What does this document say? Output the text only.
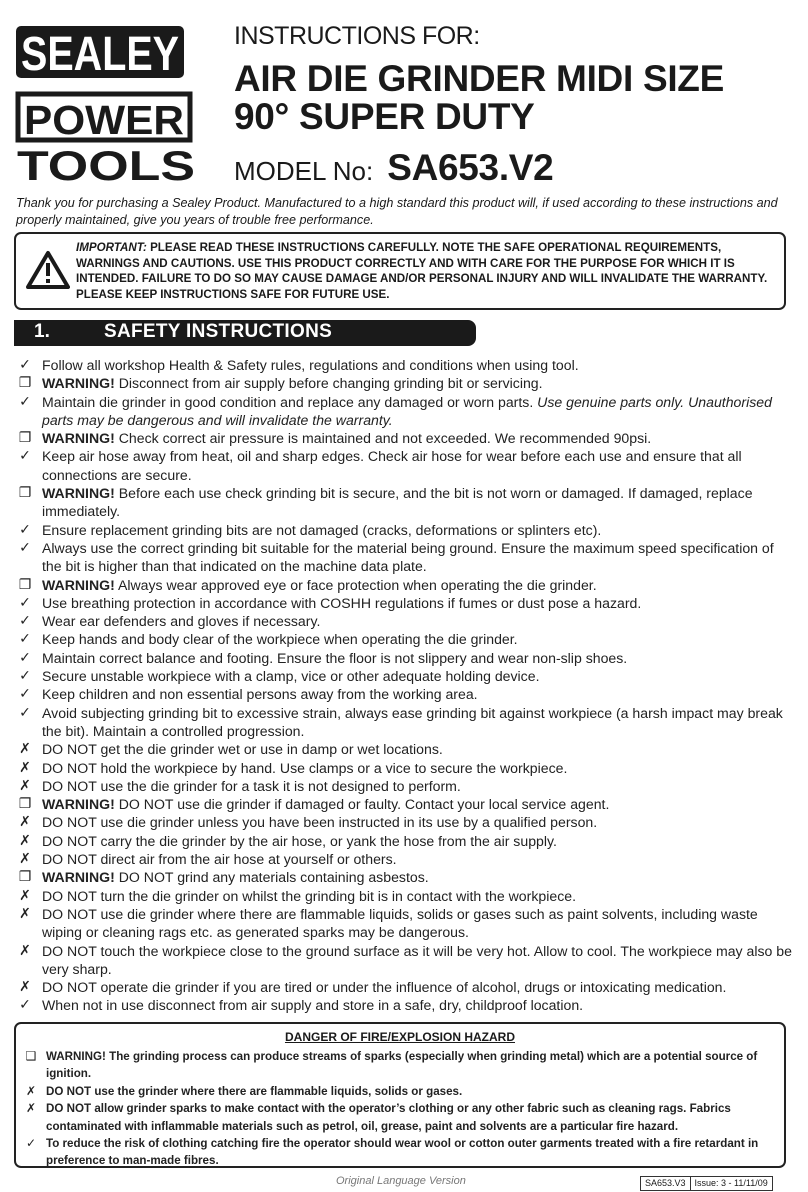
SEALEY
POWER
TOOLS
INSTRUCTIONS FOR:
AIR DIE GRINDER MIDI SIZE
90° SUPER DUTY
MODEL No: SA653.V2
Thank you for purchasing a Sealey Product. Manufactured to a high standard this product will, if used according to these instructions and properly maintained, give you years of trouble free performance.
IMPORTANT: PLEASE READ THESE INSTRUCTIONS CAREFULLY. NOTE THE SAFE OPERATIONAL REQUIREMENTS, WARNINGS AND CAUTIONS. USE THIS PRODUCT CORRECTLY AND WITH CARE FOR THE PURPOSE FOR WHICH IT IS INTENDED. FAILURE TO DO SO MAY CAUSE DAMAGE AND/OR PERSONAL INJURY AND WILL INVALIDATE THE WARRANTY. PLEASE KEEP INSTRUCTIONS SAFE FOR FUTURE USE.
1.	SAFETY INSTRUCTIONS
✓ Follow all workshop Health & Safety rules, regulations and conditions when using tool.
❐ WARNING! Disconnect from air supply before changing grinding bit or servicing.
✓ Maintain die grinder in good condition and replace any damaged or worn parts. Use genuine parts only. Unauthorised parts may be dangerous and will invalidate the warranty.
❐ WARNING! Check correct air pressure is maintained and not exceeded. We recommended 90psi.
✓ Keep air hose away from heat, oil and sharp edges. Check air hose for wear before each use and ensure that all connections are secure.
❐ WARNING! Before each use check grinding bit is secure, and the bit is not worn or damaged. If damaged, replace immediately.
✓ Ensure replacement grinding bits are not damaged (cracks, deformations or splinters etc).
✓ Always use the correct grinding bit suitable for the material being ground. Ensure the maximum speed specification of the bit is higher than that indicated on the machine data plate.
❐ WARNING! Always wear approved eye or face protection when operating the die grinder.
✓ Use breathing protection in accordance with COSHH regulations if fumes or dust pose a hazard.
✓ Wear ear defenders and gloves if necessary.
✓ Keep hands and body clear of the workpiece when operating the die grinder.
✓ Maintain correct balance and footing. Ensure the floor is not slippery and wear non-slip shoes.
✓ Secure unstable workpiece with a clamp, vice or other adequate holding device.
✓ Keep children and non essential persons away from the working area.
✓ Avoid subjecting grinding bit to excessive strain, always ease grinding bit against workpiece (a harsh impact may break the bit). Maintain a controlled progression.
✗ DO NOT get the die grinder wet or use in damp or wet locations.
✗ DO NOT hold the workpiece by hand. Use clamps or a vice to secure the workpiece.
✗ DO NOT use the die grinder for a task it is not designed to perform.
❐ WARNING! DO NOT use die grinder if damaged or faulty. Contact your local service agent.
✗ DO NOT use die grinder unless you have been instructed in its use by a qualified person.
✗ DO NOT carry the die grinder by the air hose, or yank the hose from the air supply.
✗ DO NOT direct air from the air hose at yourself or others.
❐ WARNING! DO NOT grind any materials containing asbestos.
✗ DO NOT turn the die grinder on whilst the grinding bit is in contact with the workpiece.
✗ DO NOT use die grinder where there are flammable liquids, solids or gases such as paint solvents, including waste wiping or cleaning rags etc. as generated sparks may be dangerous.
✗ DO NOT touch the workpiece close to the ground surface as it will be very hot. Allow to cool. The workpiece may also be very sharp.
✗ DO NOT operate die grinder if you are tired or under the influence of alcohol, drugs or intoxicating medication.
✓ When not in use disconnect from air supply and store in a safe, dry, childproof location.
DANGER OF FIRE/EXPLOSION HAZARD
❑ WARNING! The grinding process can produce streams of sparks (especially when grinding metal) which are a potential source of ignition.
✗ DO NOT use the grinder where there are flammable liquids, solids or gases.
✗ DO NOT allow grinder sparks to make contact with the operator’s clothing or any other fabric such as cleaning rags. Fabrics contaminated with inflammable materials such as petrol, oil, grease, paint and solvents are a particular fire hazard.
✓ To reduce the risk of clothing catching fire the operator should wear wool or cotton outer garments treated with a fire retardant in preference to man-made fibres.
Original Language Version	SA653.V3	Issue: 3 - 11/11/09
